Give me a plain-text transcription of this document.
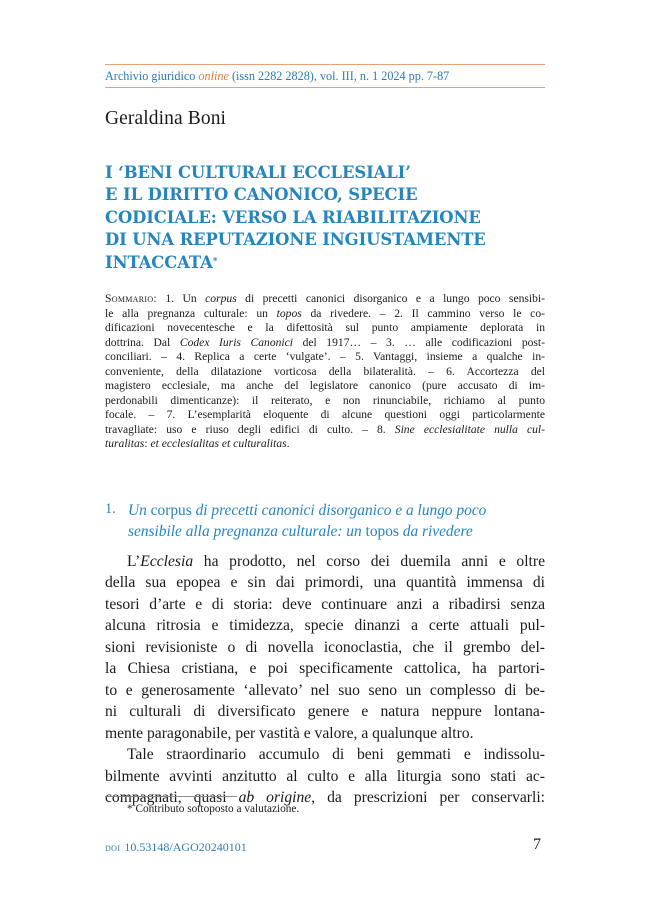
Archivio giuridico online (issn 2282 2828), vol. III, n. 1 2024 pp. 7-87
Geraldina Boni
I ‘BENI CULTURALI ECCLESIALI’
E IL DIRITTO CANONICO, SPECIE
CODICIALE: VERSO LA RIABILITAZIONE
DI UNA REPUTAZIONE INGIUSTAMENTE
INTACCATA*
Sommario: 1. Un corpus di precetti canonici disorganico e a lungo poco sensibi-
le alla pregnanza culturale: un topos da rivedere. – 2. Il cammino verso le co-
dificazioni novecentesche e la difettosità sul punto ampiamente deplorata in
dottrina. Dal Codex Iuris Canonici del 1917… – 3. … alle codificazioni post-
conciliari. – 4. Replica a certe ‘vulgate’. – 5. Vantaggi, insieme a qualche in-
conveniente, della dilatazione vorticosa della bilateralità. – 6. Accortezza del
magistero ecclesiale, ma anche del legislatore canonico (pure accusato di im-
perdonabili dimenticanze): il reiterato, e non rinunciabile, richiamo al punto
focale. – 7. L’esemplarità eloquente di alcune questioni oggi particolarmente
travagliate: uso e riuso degli edifici di culto. – 8. Sine ecclesialitate nulla cul-
turalitas: et ecclesialitas et culturalitas.
1. Un corpus di precetti canonici disorganico e a lungo poco
sensibile alla pregnanza culturale: un topos da rivedere
L’Ecclesia ha prodotto, nel corso dei duemila anni e oltre
della sua epopea e sin dai primordi, una quantità immensa di
tesori d’arte e di storia: deve continuare anzi a ribadirsi senza
alcuna ritrosia e timidezza, specie dinanzi a certe attuali pul-
sioni revisioniste o di novella iconoclastia, che il grembo del-
la Chiesa cristiana, e poi specificamente cattolica, ha partori-
to e generosamente ‘allevato’ nel suo seno un complesso di be-
ni culturali di diversificato genere e natura neppure lontana-
mente paragonabile, per vastità e valore, a qualunque altro.
Tale straordinario accumulo di beni gemmati e indissolu-
bilmente avvinti anzitutto al culto e alla liturgia sono stati ac-
compagnati, quasi ab origine, da prescrizioni per conservarli:
* Contributo sottoposto a valutazione.
doi 10.53148/AGO20240101	7
